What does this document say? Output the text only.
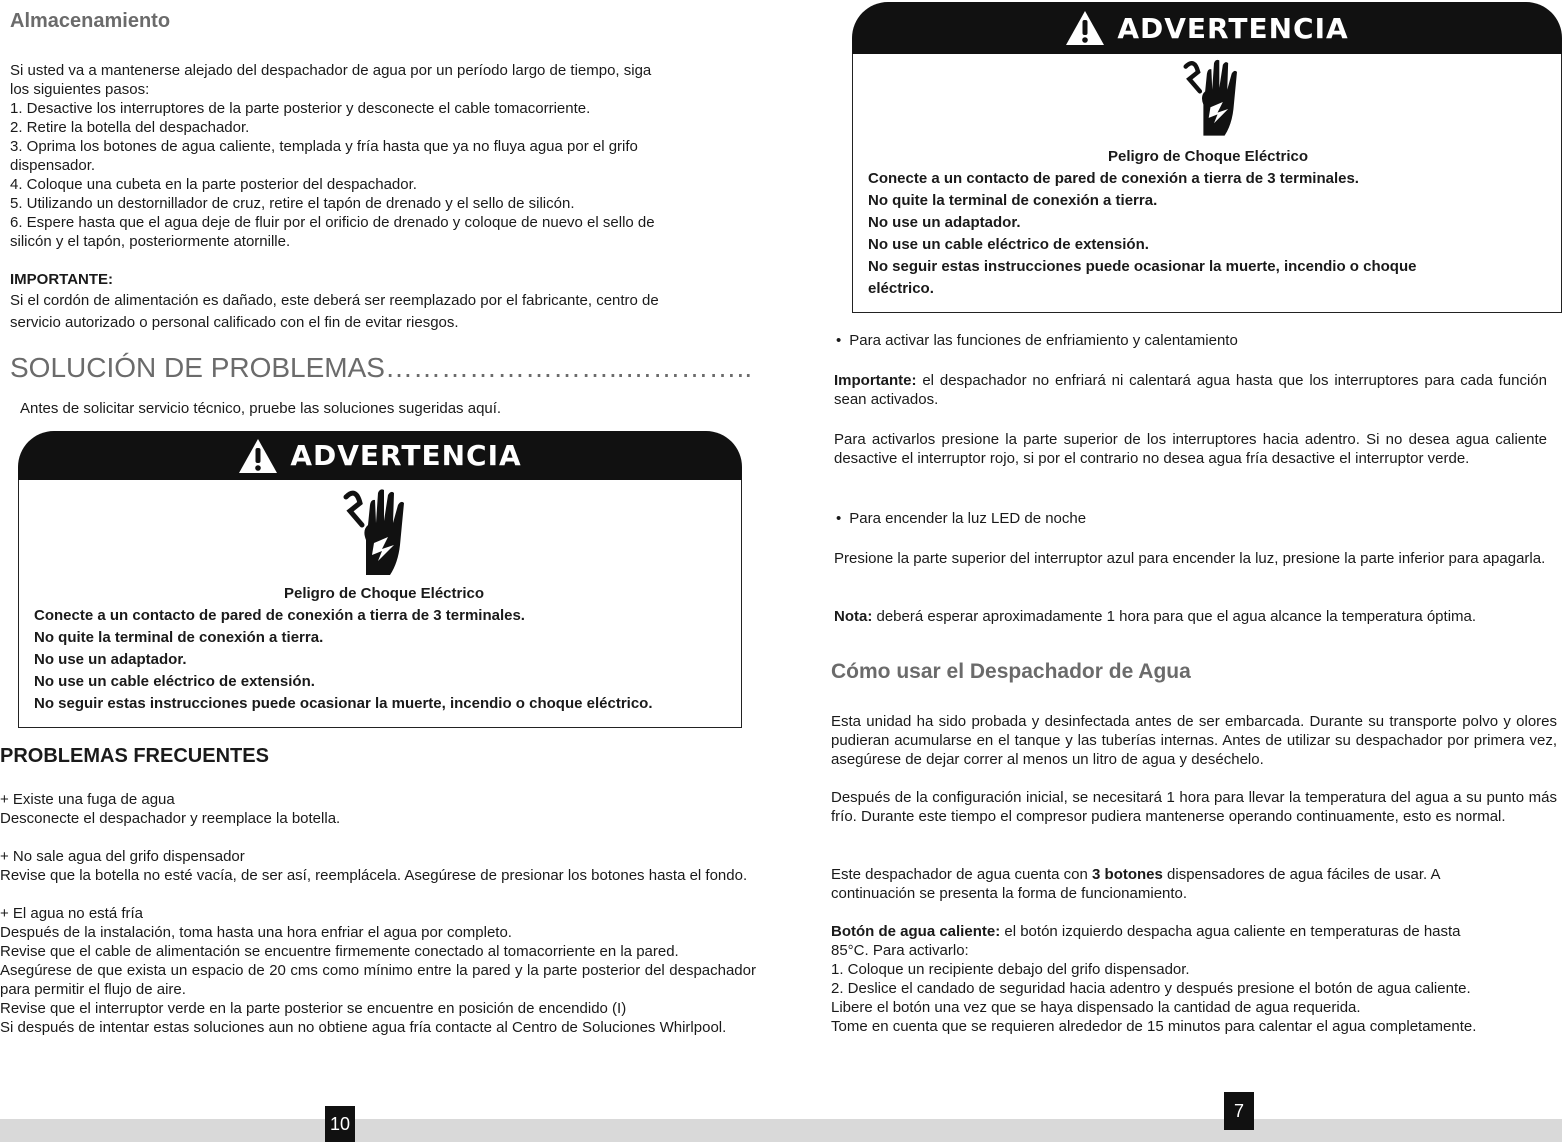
Almacenamiento
Si usted va a mantenerse alejado del despachador de agua por un período largo de tiempo, siga
los siguientes pasos:
1. Desactive los interruptores de la parte posterior y desconecte el cable tomacorriente.
2. Retire la botella del despachador.
3. Oprima los botones de agua caliente, templada y fría hasta que ya no fluya agua por el grifo
dispensador.
4. Coloque una cubeta en la parte posterior del despachador.
5. Utilizando un destornillador de cruz, retire el tapón de drenado y el sello de silicón.
6. Espere hasta que el agua deje de fluir por el orificio de drenado y coloque de nuevo el sello de
silicón y el tapón, posteriormente atornille.
IMPORTANTE:
Si el cordón de alimentación es dañado, este deberá ser reemplazado por el fabricante, centro de
servicio autorizado o personal calificado con el fin de evitar riesgos.
SOLUCIÓN DE PROBLEMAS……………………..…………..
Antes de solicitar servicio técnico, pruebe las soluciones sugeridas aquí.
ADVERTENCIA
Peligro de Choque Eléctrico
Conecte a un contacto de pared de conexión a tierra de 3 terminales.
No quite la terminal de conexión a tierra.
No use un adaptador.
No use un cable eléctrico de extensión.
No seguir estas instrucciones puede ocasionar la muerte, incendio o choque eléctrico.
PROBLEMAS FRECUENTES
+ Existe una fuga de agua
Desconecte el despachador y reemplace la botella.
+ No sale agua del grifo dispensador
Revise que la botella no esté vacía, de ser así, reemplácela. Asegúrese de presionar los botones hasta el fondo.
+ El agua no está fría
Después de la instalación, toma hasta una hora enfriar el agua por completo.
Revise que el cable de alimentación se encuentre firmemente conectado al tomacorriente en la pared.
Asegúrese de que exista un espacio de 20 cms como mínimo entre la pared y la parte posterior del despachador para permitir el flujo de aire.
Revise que el interruptor verde en la parte posterior se encuentre en posición de encendido (I)
Si después de intentar estas soluciones aun no obtiene agua fría contacte al Centro de Soluciones Whirlpool.
ADVERTENCIA
Peligro de Choque Eléctrico
Conecte a un contacto de pared de conexión a tierra de 3 terminales.
No quite la terminal de conexión a tierra.
No use un adaptador.
No use un cable eléctrico de extensión.
No seguir estas instrucciones puede ocasionar la muerte, incendio o choque
eléctrico.
• Para activar las funciones de enfriamiento y calentamiento
Importante: el despachador no enfriará ni calentará agua hasta que los interruptores para cada función sean activados.
Para activarlos presione la parte superior de los interruptores hacia adentro. Si no desea agua caliente desactive el interruptor rojo, si por el contrario no desea agua fría desactive el interruptor verde.
• Para encender la luz LED de noche
Presione la parte superior del interruptor azul para encender la luz, presione la parte inferior para apagarla.
Nota: deberá esperar aproximadamente 1 hora para que el agua alcance la temperatura óptima.
Cómo usar el Despachador de Agua
Esta unidad ha sido probada y desinfectada antes de ser embarcada. Durante su transporte polvo y olores pudieran acumularse en el tanque y las tuberías internas. Antes de utilizar su despachador por primera vez, asegúrese de dejar correr al menos un litro de agua y deséchelo.
Después de la configuración inicial, se necesitará 1 hora para llevar la temperatura del agua a su punto más frío. Durante este tiempo el compresor pudiera mantenerse operando continuamente, esto es normal.
Este despachador de agua cuenta con 3 botones dispensadores de agua fáciles de usar. A
continuación se presenta la forma de funcionamiento.
Botón de agua caliente: el botón izquierdo despacha agua caliente en temperaturas de hasta
85°C. Para activarlo:
1. Coloque un recipiente debajo del grifo dispensador.
2. Deslice el candado de seguridad hacia adentro y después presione el botón de agua caliente.
Libere el botón una vez que se haya dispensado la cantidad de agua requerida.
Tome en cuenta que se requieren alrededor de 15 minutos para calentar el agua completamente.
10
7
